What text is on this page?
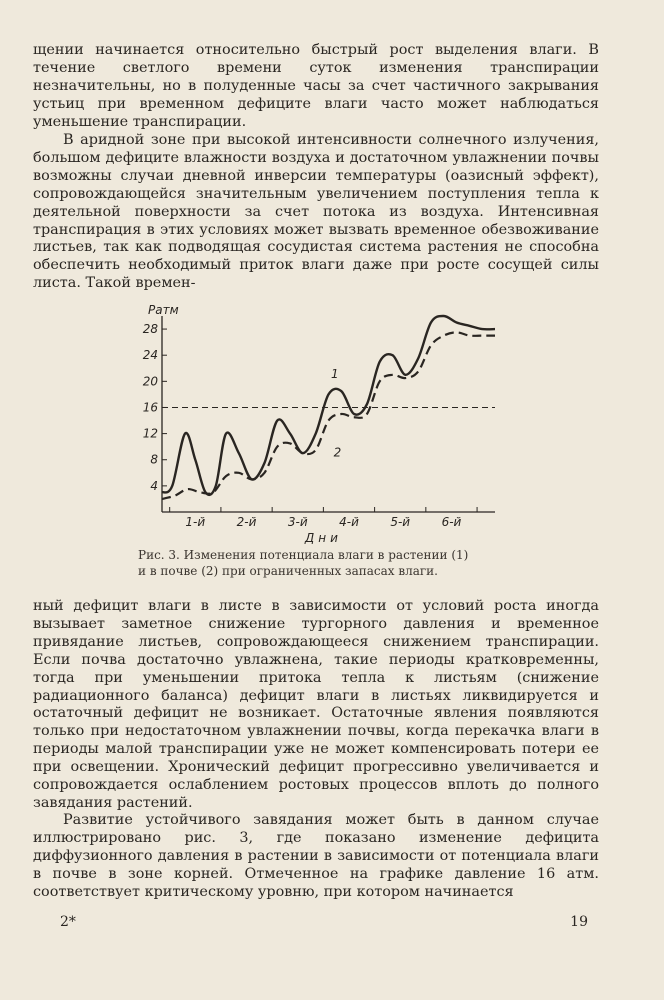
щении начинается относительно быстрый рост выделения влаги. В течение светлого времени суток изменения транспирации незначительны, но в полуденные часы за счет частичного закрывания устьиц при временном дефиците влаги часто может наблюдаться уменьшение транспирации.

В аридной зоне при высокой интенсивности солнечного излучения, большом дефиците влажности воздуха и достаточном увлажнении почвы возможны случаи дневной инверсии температуры (оазисный эффект), сопровождающейся значительным увеличением поступления тепла к деятельной поверхности за счет потока из воздуха. Интенсивная транспирация в этих условиях может вызвать временное обезвоживание листьев, так как подводящая сосудистая система растения не способна обеспечить необходимый приток влаги даже при росте сосущей силы листа. Такой времен-

4
8
12
16
20
24
28
Ратм
1-й	2-й	3-й	4-й	5-й	6-й
Дни
1
2
Рис. 3. Изменения потенциала влаги в растении (1)
и в почве (2) при ограниченных запасах влаги.

ный дефицит влаги в листе в зависимости от условий роста иногда вызывает заметное снижение тургорного давления и временное привядание листьев, сопровождающееся снижением транспирации. Если почва достаточно увлажнена, такие периоды кратковременны, тогда при уменьшении притока тепла к листьям (снижение радиационного баланса) дефицит влаги в листьях ликвидируется и остаточный дефицит не возникает. Остаточные явления появляются только при недостаточном увлажнении почвы, когда перекачка влаги в периоды малой транспирации уже не может компенсировать потери ее при освещении. Хронический дефицит прогрессивно увеличивается и сопровождается ослаблением ростовых процессов вплоть до полного завядания растений.

Развитие устойчивого завядания может быть в данном случае иллюстрировано рис. 3, где показано изменение дефицита диффузионного давления в растении в зависимости от потенциала влаги в почве в зоне корней. Отмеченное на графике давление 16 атм. соответствует критическому уровню, при котором начинается

2*	19
